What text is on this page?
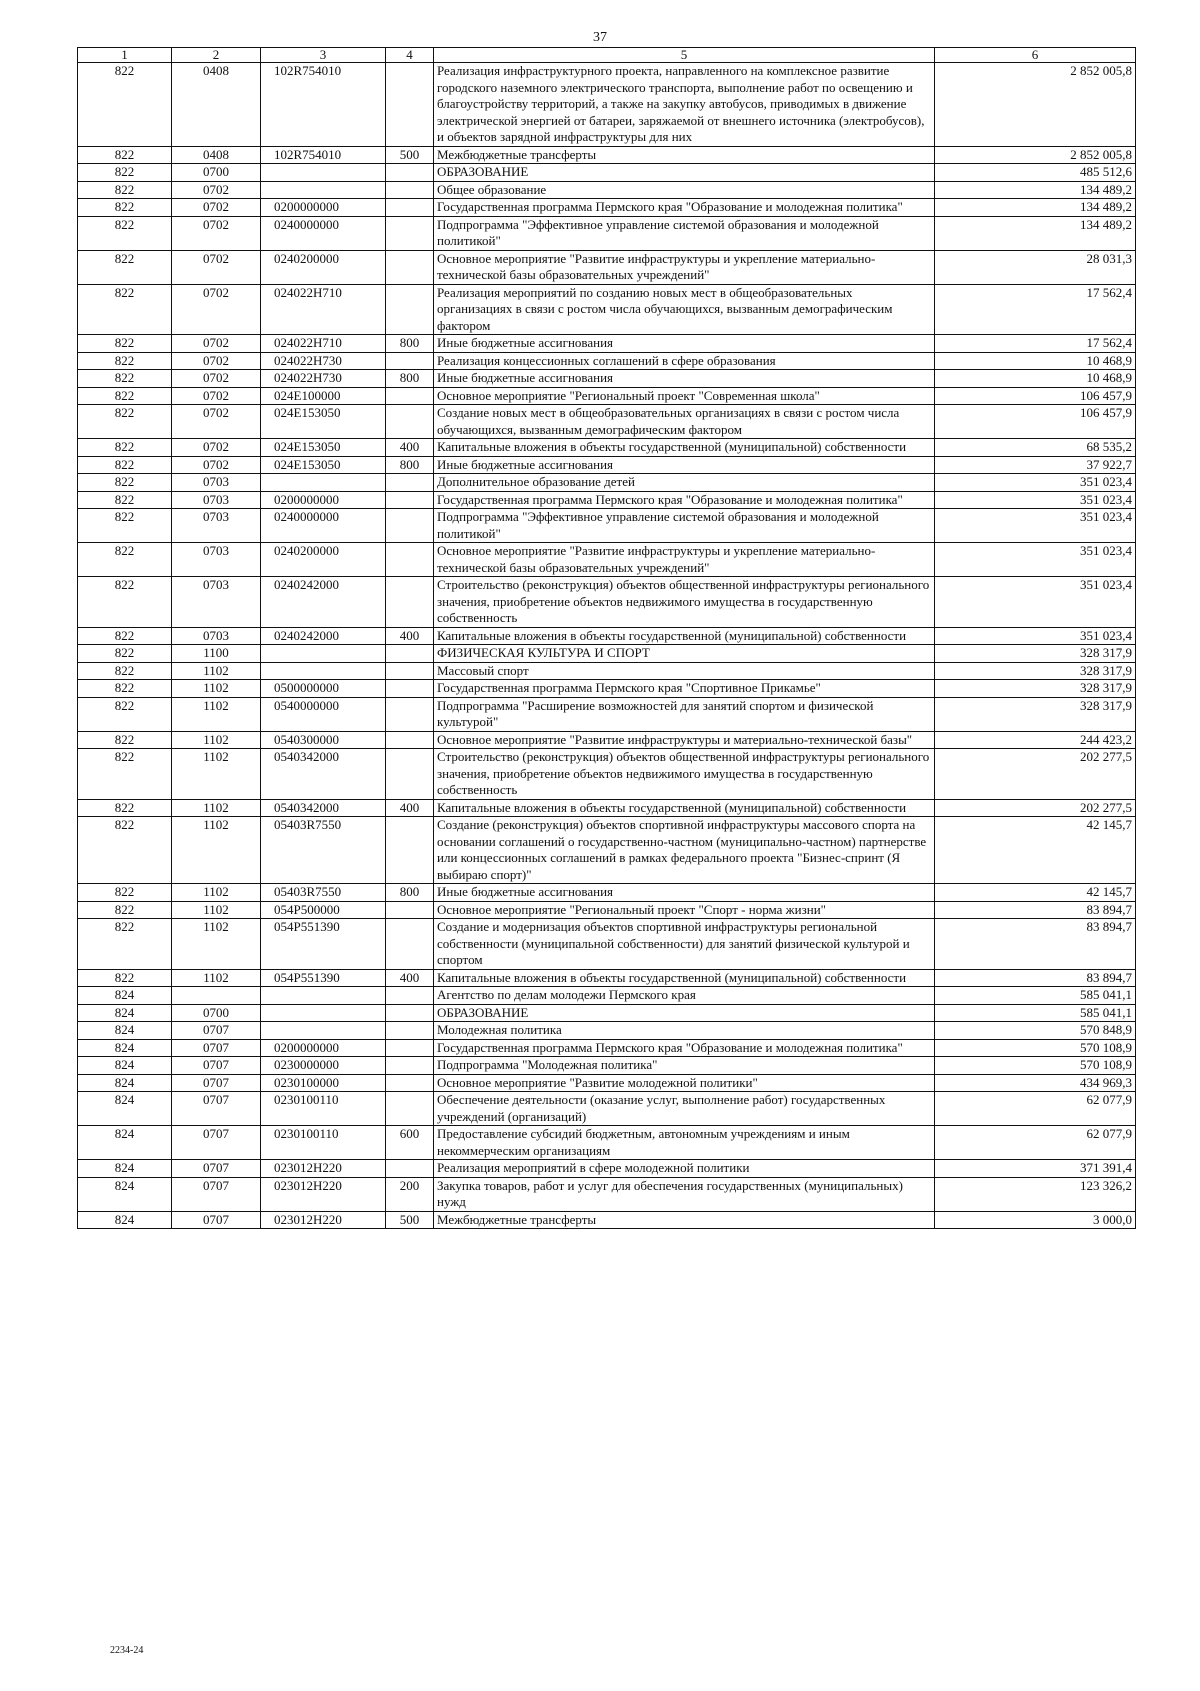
37
1	2	3	4	5	6
822	0408	102R754010		Реализация инфраструктурного проекта, направленного на комплексное развитие городского наземного электрического транспорта, выполнение работ по освещению и благоустройству территорий, а также на закупку автобусов, приводимых в движение электрической энергией от батареи, заряжаемой от внешнего источника (электробусов), и объектов зарядной инфраструктуры для них	2 852 005,8
822	0408	102R754010	500	Межбюджетные трансферты	2 852 005,8
822	0700			ОБРАЗОВАНИЕ	485 512,6
822	0702			Общее образование	134 489,2
822	0702	0200000000		Государственная программа Пермского края "Образование и молодежная политика"	134 489,2
822	0702	0240000000		Подпрограмма "Эффективное управление системой образования и молодежной политикой"	134 489,2
822	0702	0240200000		Основное мероприятие "Развитие инфраструктуры и укрепление материально-технической базы образовательных учреждений"	28 031,3
822	0702	024022Н710		Реализация мероприятий по созданию новых мест в общеобразовательных организациях в связи с ростом числа обучающихся, вызванным демографическим фактором	17 562,4
822	0702	024022Н710	800	Иные бюджетные ассигнования	17 562,4
822	0702	024022Н730		Реализация концессионных соглашений в сфере образования	10 468,9
822	0702	024022Н730	800	Иные бюджетные ассигнования	10 468,9
822	0702	024E100000		Основное мероприятие "Региональный проект "Современная школа"	106 457,9
822	0702	024E153050		Создание новых мест в общеобразовательных организациях в связи с ростом числа обучающихся, вызванным демографическим фактором	106 457,9
822	0702	024E153050	400	Капитальные вложения в объекты государственной (муниципальной) собственности	68 535,2
822	0702	024E153050	800	Иные бюджетные ассигнования	37 922,7
822	0703			Дополнительное образование детей	351 023,4
822	0703	0200000000		Государственная программа Пермского края "Образование и молодежная политика"	351 023,4
822	0703	0240000000		Подпрограмма "Эффективное управление системой образования и молодежной политикой"	351 023,4
822	0703	0240200000		Основное мероприятие "Развитие инфраструктуры и укрепление материально-технической базы образовательных учреждений"	351 023,4
822	0703	0240242000		Строительство (реконструкция) объектов общественной инфраструктуры регионального значения, приобретение объектов недвижимого имущества в государственную собственность	351 023,4
822	0703	0240242000	400	Капитальные вложения в объекты государственной (муниципальной) собственности	351 023,4
822	1100			ФИЗИЧЕСКАЯ КУЛЬТУРА И СПОРТ	328 317,9
822	1102			Массовый спорт	328 317,9
822	1102	0500000000		Государственная программа Пермского края "Спортивное Прикамье"	328 317,9
822	1102	0540000000		Подпрограмма "Расширение возможностей для занятий спортом и физической культурой"	328 317,9
822	1102	0540300000		Основное мероприятие "Развитие инфраструктуры и материально-технической базы"	244 423,2
822	1102	0540342000		Строительство (реконструкция) объектов общественной инфраструктуры регионального значения, приобретение объектов недвижимого имущества в государственную собственность	202 277,5
822	1102	0540342000	400	Капитальные вложения в объекты государственной (муниципальной) собственности	202 277,5
822	1102	05403R7550		Создание (реконструкция) объектов спортивной инфраструктуры массового спорта на основании соглашений о государственно-частном (муниципально-частном) партнерстве или концессионных соглашений в рамках федерального проекта "Бизнес-спринт (Я выбираю спорт)"	42 145,7
822	1102	05403R7550	800	Иные бюджетные ассигнования	42 145,7
822	1102	054P500000		Основное мероприятие "Региональный проект "Спорт - норма жизни"	83 894,7
822	1102	054P551390		Создание и модернизация объектов спортивной инфраструктуры региональной собственности (муниципальной собственности) для занятий физической культурой и спортом	83 894,7
822	1102	054P551390	400	Капитальные вложения в объекты государственной (муниципальной) собственности	83 894,7
824				Агентство по делам молодежи Пермского края	585 041,1
824	0700			ОБРАЗОВАНИЕ	585 041,1
824	0707			Молодежная политика	570 848,9
824	0707	0200000000		Государственная программа Пермского края "Образование и молодежная политика"	570 108,9
824	0707	0230000000		Подпрограмма "Молодежная политика"	570 108,9
824	0707	0230100000		Основное мероприятие "Развитие молодежной политики"	434 969,3
824	0707	0230100110		Обеспечение деятельности (оказание услуг, выполнение работ) государственных учреждений (организаций)	62 077,9
824	0707	0230100110	600	Предоставление субсидий бюджетным, автономным учреждениям и иным некоммерческим организациям	62 077,9
824	0707	023012Н220		Реализация мероприятий в сфере молодежной политики	371 391,4
824	0707	023012Н220	200	Закупка товаров, работ и услуг для обеспечения государственных (муниципальных) нужд	123 326,2
824	0707	023012Н220	500	Межбюджетные трансферты	3 000,0
2234-24
